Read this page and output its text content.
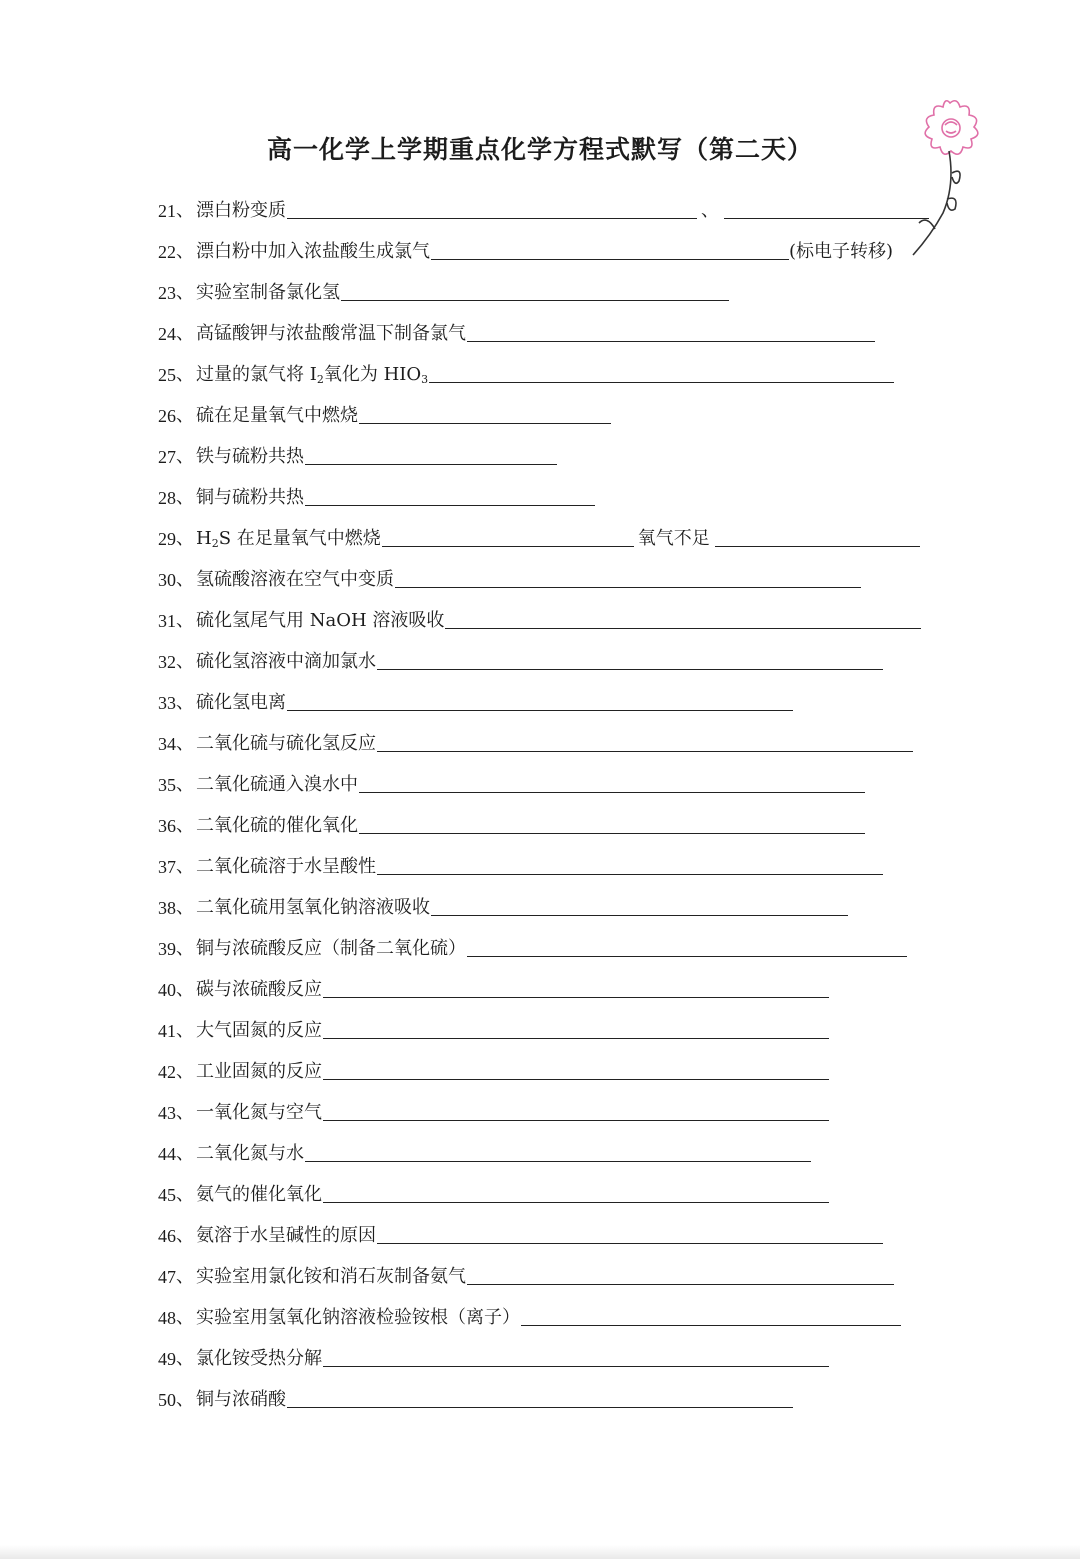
高一化学上学期重点化学方程式默写（第二天）
21 、 漂白粉变质	、
22 、 漂白粉中加入浓盐酸生成氯气	(标电子转移)
23 、 实验室制备氯化氢
24 、 高锰酸钾与浓盐酸常温下制备氯气
25 、 过量的氯气将 $I_2$氧化为 $HIO_3$
26 、 硫在足量氧气中燃烧
27 、 铁与硫粉共热
28 、 铜与硫粉共热
29 、 $H_2S$ 在足量氧气中燃烧	氧气不足
30 、 氢硫酸溶液在空气中变质
31 、 硫化氢尾气用 NaOH 溶液吸收
32 、 硫化氢溶液中滴加氯水
33 、 硫化氢电离
34 、 二氧化硫与硫化氢反应
35 、 二氧化硫通入溴水中
36 、 二氧化硫的催化氧化
37 、 二氧化硫溶于水呈酸性
38 、 二氧化硫用氢氧化钠溶液吸收
39 、 铜与浓硫酸反应（制备二氧化硫）
40 、 碳与浓硫酸反应
41 、 大气固氮的反应
42 、 工业固氮的反应
43 、 一氧化氮与空气
44 、 二氧化氮与水
45 、 氨气的催化氧化
46 、 氨溶于水呈碱性的原因
47 、 实验室用氯化铵和消石灰制备氨气
48 、 实验室用氢氧化钠溶液检验铵根（离子）
49 、 氯化铵受热分解
50 、 铜与浓硝酸
